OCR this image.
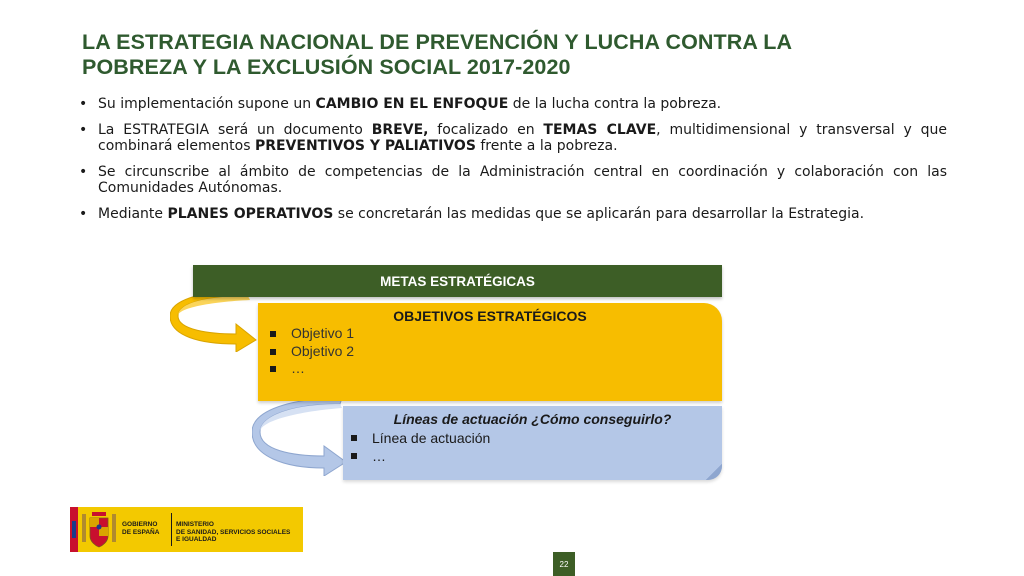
LA ESTRATEGIA NACIONAL DE PREVENCIÓN Y LUCHA CONTRA LA
POBREZA Y LA EXCLUSIÓN SOCIAL 2017-2020
• Su implementación supone un CAMBIO EN EL ENFOQUE de la lucha contra la pobreza.
• La ESTRATEGIA será un documento BREVE, focalizado en TEMAS CLAVE, multidimensional y transversal y que combinará elementos PREVENTIVOS Y PALIATIVOS frente a la pobreza.
• Se circunscribe al ámbito de competencias de la Administración central en coordinación y colaboración con las Comunidades Autónomas.
• Mediante PLANES OPERATIVOS se concretarán las medidas que se aplicarán para desarrollar la Estrategia.
METAS ESTRATÉGICAS
OBJETIVOS ESTRATÉGICOS
Objetivo 1
Objetivo 2
…
Líneas de actuación ¿Cómo conseguirlo?
Línea de actuación
…
GOBIERNO
DE ESPAÑA
MINISTERIO
DE SANIDAD, SERVICIOS SOCIALES
E IGUALDAD
22
